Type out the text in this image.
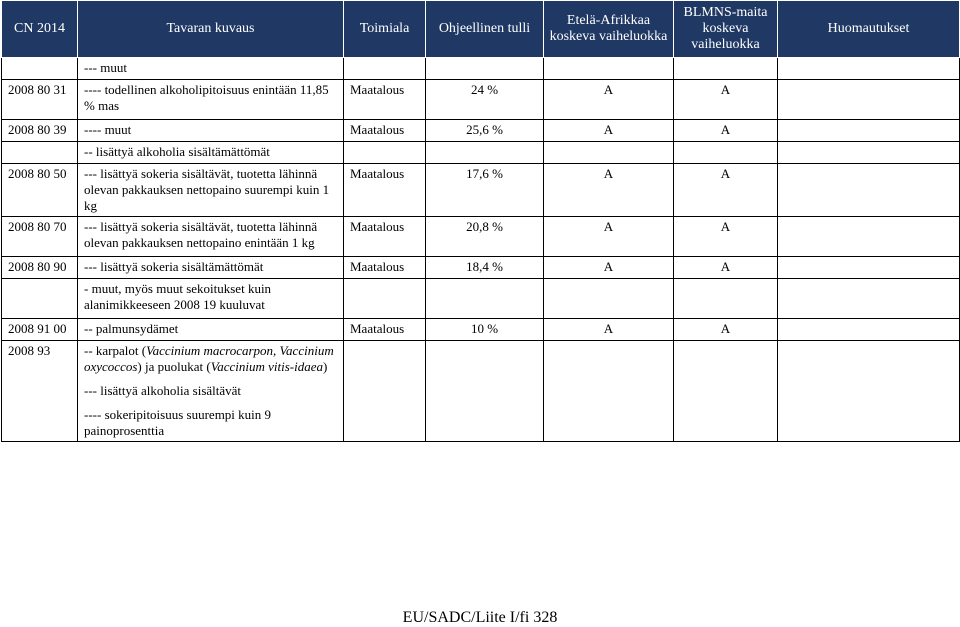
CN 2014	Tavaran kuvaus	Toimiala	Ohjeellinen tulli	Etelä-Afrikkaa koskeva vaiheluokka	BLMNS-maita koskeva vaiheluokka	Huomautukset
	--- muut					
2008 80 31	---- todellinen alkoholipitoisuus enintään 11,85 % mas	Maatalous	24 %	A	A	
2008 80 39	---- muut	Maatalous	25,6 %	A	A	
	-- lisättyä alkoholia sisältämättömät					
2008 80 50	--- lisättyä sokeria sisältävät, tuotetta lähinnä olevan pakkauksen nettopaino suurempi kuin 1 kg	Maatalous	17,6 %	A	A	
2008 80 70	--- lisättyä sokeria sisältävät, tuotetta lähinnä olevan pakkauksen nettopaino enintään 1 kg	Maatalous	20,8 %	A	A	
2008 80 90	--- lisättyä sokeria sisältämättömät	Maatalous	18,4 %	A	A	
	- muut, myös muut sekoitukset kuin alanimikkeeseen 2008 19 kuuluvat					
2008 91 00	-- palmunsydämet	Maatalous	10 %	A	A	
2008 93	-- karpalot (Vaccinium macrocarpon, Vaccinium oxycoccos) ja puolukat (Vaccinium vitis-idaea)
--- lisättyä alkoholia sisältävät
---- sokeripitoisuus suurempi kuin 9 painoprosenttia					

EU/SADC/Liite I/fi 328
